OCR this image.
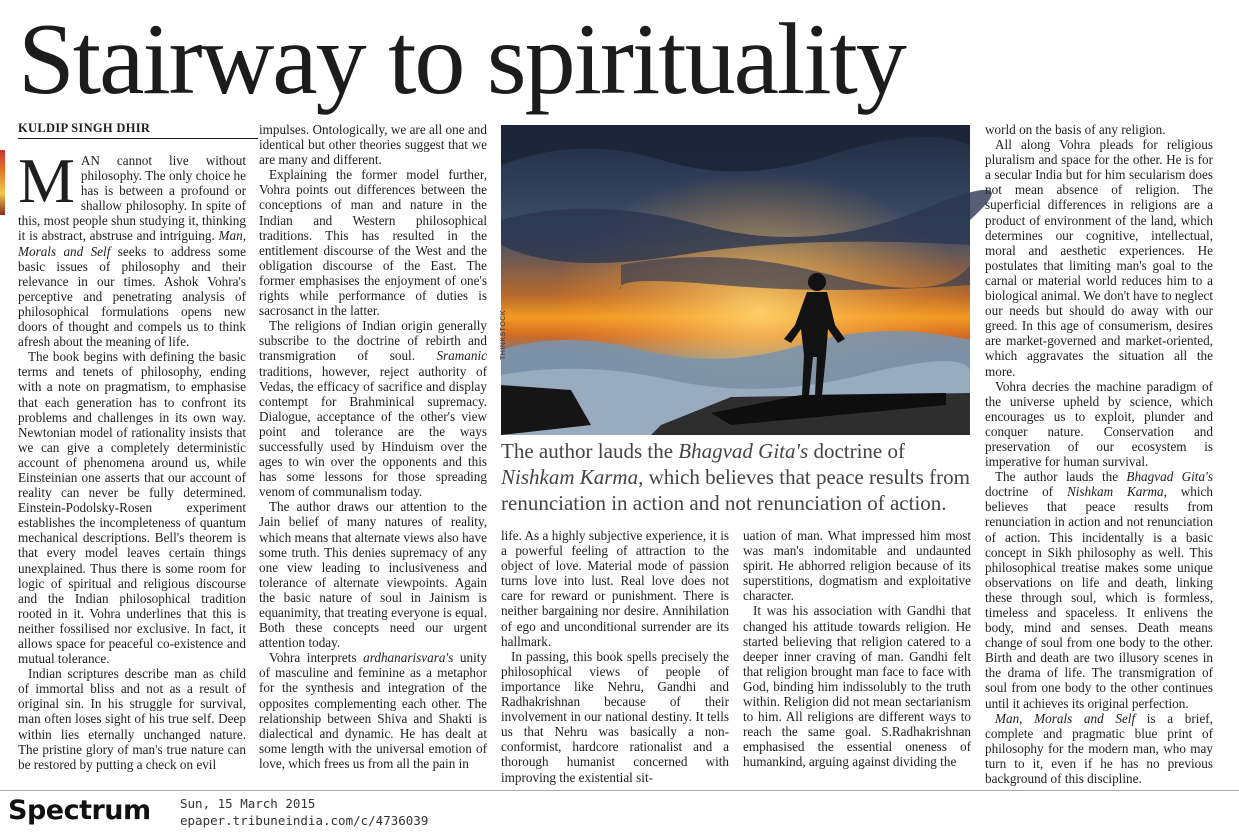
Stairway to spirituality
KULDIP SINGH DHIR

MAN cannot live without philosophy. The only choice he has is between a profound or shallow philosophy. In spite of this, most people shun studying it, thinking it is abstract, abstruse and intriguing. Man, Morals and Self seeks to address some basic issues of philosophy and their relevance in our times. Ashok Vohra's perceptive and penetrating analysis of philosophical formulations opens new doors of thought and compels us to think afresh about the meaning of life.

The book begins with defining the basic terms and tenets of philosophy, ending with a note on pragmatism, to emphasise that each generation has to confront its problems and challenges in its own way. Newtonian model of rationality insists that we can give a completely deterministic account of phenomena around us, while Einsteinian one asserts that our account of reality can never be fully determined. Einstein-Podolsky-Rosen experiment establishes the incompleteness of quantum mechanical descriptions. Bell's theorem is that every model leaves certain things unexplained. Thus there is some room for logic of spiritual and religious discourse and the Indian philosophical tradition rooted in it. Vohra underlines that this is neither fossilised nor exclusive. In fact, it allows space for peaceful co-existence and mutual tolerance.

Indian scriptures describe man as child of immortal bliss and not as a result of original sin. In his struggle for survival, man often loses sight of his true self. Deep within lies eternally unchanged nature. The pristine glory of man's true nature can be restored by putting a check on evil

impulses. Ontologically, we are all one and identical but other theories suggest that we are many and different.

Explaining the former model further, Vohra points out differences between the conceptions of man and nature in the Indian and Western philosophical traditions. This has resulted in the entitlement discourse of the West and the obligation discourse of the East. The former emphasises the enjoyment of one's rights while performance of duties is sacrosanct in the latter.

The religions of Indian origin generally subscribe to the doctrine of rebirth and transmigration of soul. Sramanic traditions, however, reject authority of Vedas, the efficacy of sacrifice and display contempt for Brahminical supremacy. Dialogue, acceptance of the other's view point and tolerance are the ways successfully used by Hinduism over the ages to win over the opponents and this has some lessons for those spreading venom of communalism today.

The author draws our attention to the Jain belief of many natures of reality, which means that alternate views also have some truth. This denies supremacy of any one view leading to inclusiveness and tolerance of alternate viewpoints. Again the basic nature of soul in Jainism is equanimity, that treating everyone is equal. Both these concepts need our urgent attention today.

Vohra interprets ardhanarisvara's unity of masculine and feminine as a metaphor for the synthesis and integration of the opposites complementing each other. The relationship between Shiva and Shakti is dialectical and dynamic. He has dealt at some length with the universal emotion of love, which frees us from all the pain in

THINKSTOCK
The author lauds the Bhagvad Gita's doctrine of Nishkam Karma, which believes that peace results from renunciation in action and not renunciation of action.

life. As a highly subjective experience, it is a powerful feeling of attraction to the object of love. Material mode of passion turns love into lust. Real love does not care for reward or punishment. There is neither bargaining nor desire. Annihilation of ego and unconditional surrender are its hallmark.

In passing, this book spells precisely the philosophical views of people of importance like Nehru, Gandhi and Radhakrishnan because of their involvement in our national destiny. It tells us that Nehru was basically a non-conformist, hardcore rationalist and a thorough humanist concerned with improving the existential sit-

uation of man. What impressed him most was man's indomitable and undaunted spirit. He abhorred religion because of its superstitions, dogmatism and exploitative character.

It was his association with Gandhi that changed his attitude towards religion. He started believing that religion catered to a deeper inner craving of man. Gandhi felt that religion brought man face to face with God, binding him indissolubly to the truth within. Religion did not mean sectarianism to him. All religions are different ways to reach the same goal. S.Radhakrishnan emphasised the essential oneness of humankind, arguing against dividing the

world on the basis of any religion.

All along Vohra pleads for religious pluralism and space for the other. He is for a secular India but for him secularism does not mean absence of religion. The superficial differences in religions are a product of environment of the land, which determines our cognitive, intellectual, moral and aesthetic experiences. He postulates that limiting man's goal to the carnal or material world reduces him to a biological animal. We don't have to neglect our needs but should do away with our greed. In this age of consumerism, desires are market-governed and market-oriented, which aggravates the situation all the more.

Vohra decries the machine paradigm of the universe upheld by science, which encourages us to exploit, plunder and conquer nature. Conservation and preservation of our ecosystem is imperative for human survival.

The author lauds the Bhagvad Gita's doctrine of Nishkam Karma, which believes that peace results from renunciation in action and not renunciation of action. This incidentally is a basic concept in Sikh philosophy as well. This philosophical treatise makes some unique observations on life and death, linking these through soul, which is formless, timeless and spaceless. It enlivens the body, mind and senses. Death means change of soul from one body to the other. Birth and death are two illusory scenes in the drama of life. The transmigration of soul from one body to the other continues until it achieves its original perfection.

Man, Morals and Self is a brief, complete and pragmatic blue print of philosophy for the modern man, who may turn to it, even if he has no previous background of this discipline.

Spectrum Sun, 15 March 2015
epaper.tribuneindia.com/c/4736039
